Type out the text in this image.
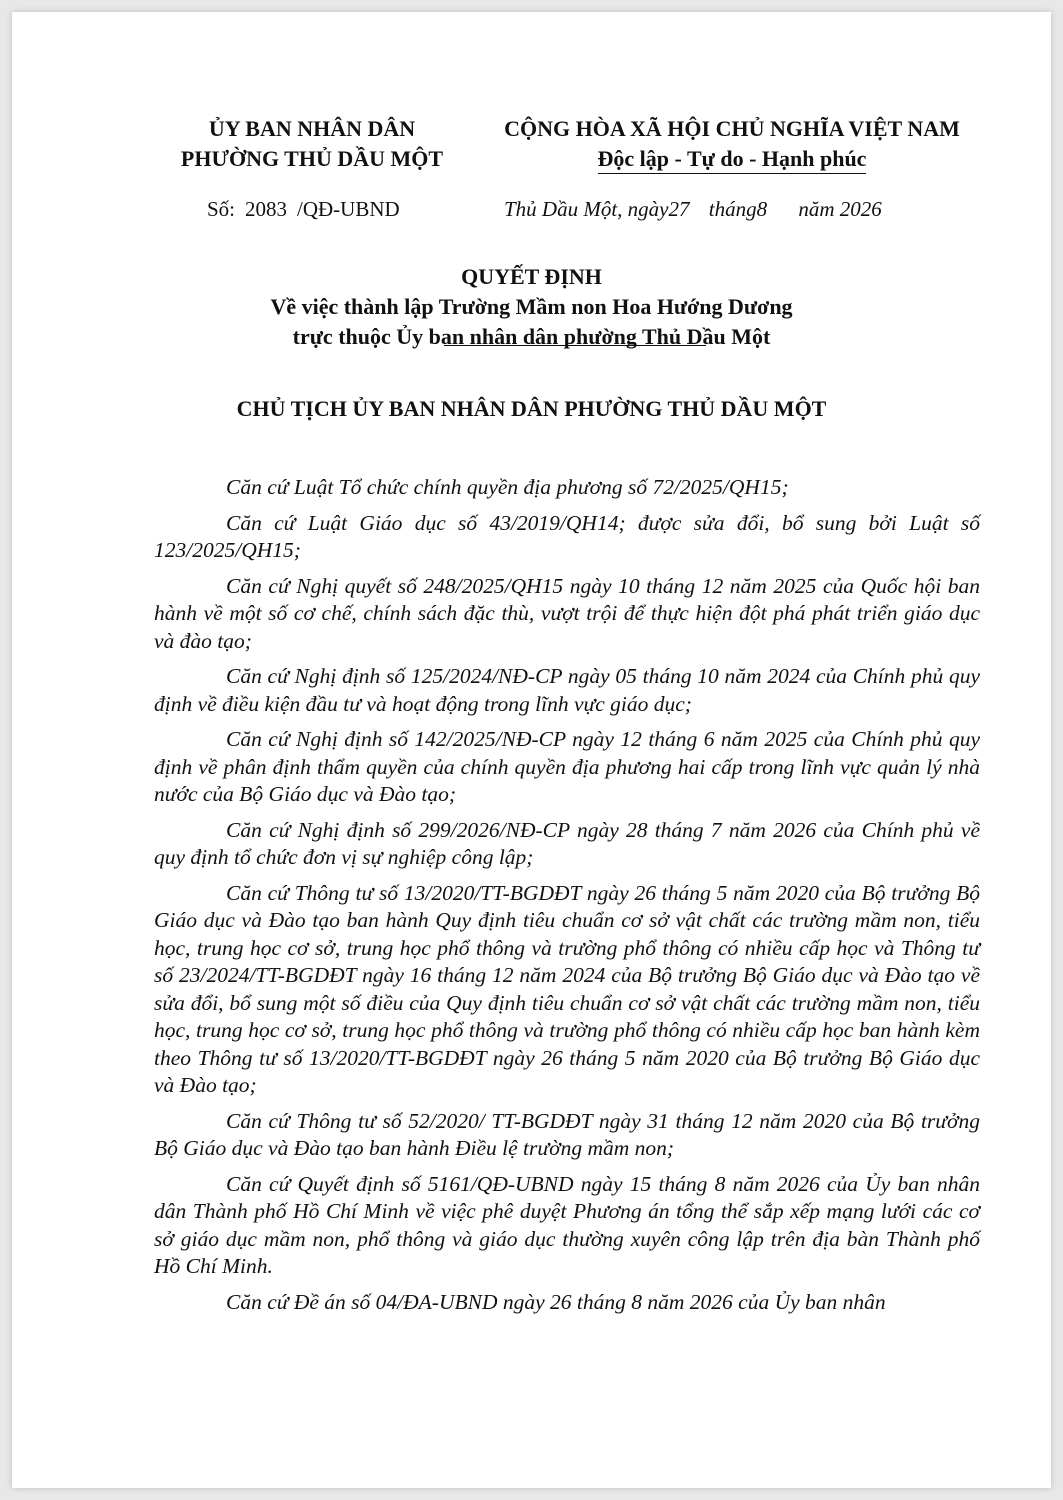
ỦY BAN NHÂN DÂN
PHƯỜNG THỦ DẦU MỘT
CỘNG HÒA XÃ HỘI CHỦ NGHĨA VIỆT NAM
Độc lập - Tự do - Hạnh phúc
Số: 2083 /QĐ-UBND	Thủ Dầu Một, ngày27 tháng8 năm 2026
QUYẾT ĐỊNH
Về việc thành lập Trường Mầm non Hoa Hướng Dương
trực thuộc Ủy ban nhân dân phường Thủ Dầu Một
CHỦ TỊCH ỦY BAN NHÂN DÂN PHƯỜNG THỦ DẦU MỘT

Căn cứ Luật Tổ chức chính quyền địa phương số 72/2025/QH15;

Căn cứ Luật Giáo dục số 43/2019/QH14; được sửa đổi, bổ sung bởi Luật số 123/2025/QH15;

Căn cứ Nghị quyết số 248/2025/QH15 ngày 10 tháng 12 năm 2025 của Quốc hội ban hành về một số cơ chế, chính sách đặc thù, vượt trội để thực hiện đột phá phát triển giáo dục và đào tạo;

Căn cứ Nghị định số 125/2024/NĐ-CP ngày 05 tháng 10 năm 2024 của Chính phủ quy định về điều kiện đầu tư và hoạt động trong lĩnh vực giáo dục;

Căn cứ Nghị định số 142/2025/NĐ-CP ngày 12 tháng 6 năm 2025 của Chính phủ quy định về phân định thẩm quyền của chính quyền địa phương hai cấp trong lĩnh vực quản lý nhà nước của Bộ Giáo dục và Đào tạo;

Căn cứ Nghị định số 299/2026/NĐ-CP ngày 28 tháng 7 năm 2026 của Chính phủ về quy định tổ chức đơn vị sự nghiệp công lập;

Căn cứ Thông tư số 13/2020/TT-BGDĐT ngày 26 tháng 5 năm 2020 của Bộ trưởng Bộ Giáo dục và Đào tạo ban hành Quy định tiêu chuẩn cơ sở vật chất các trường mầm non, tiểu học, trung học cơ sở, trung học phổ thông và trường phổ thông có nhiều cấp học và Thông tư số 23/2024/TT-BGDĐT ngày 16 tháng 12 năm 2024 của Bộ trưởng Bộ Giáo dục và Đào tạo về sửa đổi, bổ sung một số điều của Quy định tiêu chuẩn cơ sở vật chất các trường mầm non, tiểu học, trung học cơ sở, trung học phổ thông và trường phổ thông có nhiều cấp học ban hành kèm theo Thông tư số 13/2020/TT-BGDĐT ngày 26 tháng 5 năm 2020 của Bộ trưởng Bộ Giáo dục và Đào tạo;

Căn cứ Thông tư số 52/2020/ TT-BGDĐT ngày 31 tháng 12 năm 2020 của Bộ trưởng Bộ Giáo dục và Đào tạo ban hành Điều lệ trường mầm non;

Căn cứ Quyết định số 5161/QĐ-UBND ngày 15 tháng 8 năm 2026 của Ủy ban nhân dân Thành phố Hồ Chí Minh về việc phê duyệt Phương án tổng thể sắp xếp mạng lưới các cơ sở giáo dục mầm non, phổ thông và giáo dục thường xuyên công lập trên địa bàn Thành phố Hồ Chí Minh.

Căn cứ Đề án số 04/ĐA-UBND ngày 26 tháng 8 năm 2026 của Ủy ban nhân
